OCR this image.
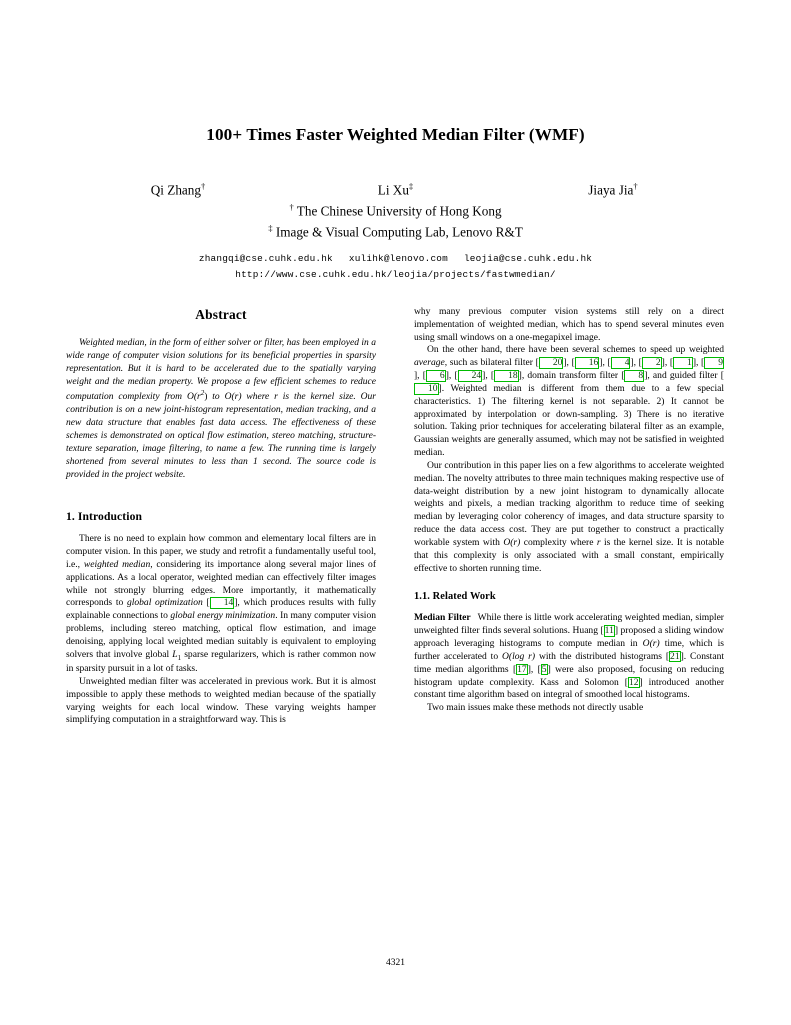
100+ Times Faster Weighted Median Filter (WMF)
Qi Zhang†	Li Xu‡	Jiaya Jia†
† The Chinese University of Hong Kong
‡ Image & Visual Computing Lab, Lenovo R&T
zhangqi@cse.cuhk.edu.hk xulihk@lenovo.com leojia@cse.cuhk.edu.hk
http://www.cse.cuhk.edu.hk/leojia/projects/fastwmedian/
Abstract

Weighted median, in the form of either solver or filter, has been employed in a wide range of computer vision solutions for its beneficial properties in sparsity representation. But it is hard to be accelerated due to the spatially varying weight and the median property. We propose a few efficient schemes to reduce computation complexity from $O(r^2)$ to O(r) where r is the kernel size. Our contribution is on a new joint-histogram representation, median tracking, and a new data structure that enables fast data access. The effectiveness of these schemes is demonstrated on optical flow estimation, stereo matching, structure-texture separation, image filtering, to name a few. The running time is largely shortened from several minutes to less than 1 second. The source code is provided in the project website.

1. Introduction

There is no need to explain how common and elementary local filters are in computer vision. In this paper, we study and retrofit a fundamentally useful tool, i.e., weighted median, considering its importance along several major lines of applications. As a local operator, weighted median can effectively filter images while not strongly blurring edges. More importantly, it mathematically corresponds to global optimization [ 14], which produces results with fully explainable connections to global energy minimization. In many computer vision problems, including stereo matching, optical flow estimation, and image denoising, applying local weighted median suitably is equivalent to employing solvers that involve global $L_1$ sparse regularizers, which is rather common now in sparsity pursuit in a lot of tasks.

Unweighted median filter was accelerated in previous work. But it is almost impossible to apply these methods to weighted median because of the spatially varying weights for each local window. These varying weights hamper simplifying computation in a straightforward way. This is

why many previous computer vision systems still rely on a direct implementation of weighted median, which has to spend several minutes even using small windows on a one-megapixel image.

On the other hand, there have been several schemes to speed up weighted average, such as bilateral filter [ 20], [ 16], [ 4], [ 2], [ 1], [ 9], [ 6], [ 24], [ 18], domain transform filter [ 8], and guided filter [10]. Weighted median is different from them due to a few special characteristics. 1) The filtering kernel is not separable. 2) It cannot be approximated by interpolation or down-sampling. 3) There is no iterative solution. Taking prior techniques for accelerating bilateral filter as an example, Gaussian weights are generally assumed, which may not be satisfied in weighted median.

Our contribution in this paper lies on a few algorithms to accelerate weighted median. The novelty attributes to three main techniques making respective use of data-weight distribution by a new joint histogram to dynamically allocate weights and pixels, a median tracking algorithm to reduce time of seeking median by leveraging color coherency of images, and data structure sparsity to reduce the data access cost. They are put together to construct a practically workable system with O(r) complexity where r is the kernel size. It is notable that this complexity is only associated with a small constant, empirically effective to shorten running time.

1.1. Related Work

Median Filter While there is little work accelerating weighted median, simpler unweighted filter finds several solutions. Huang [11] proposed a sliding window approach leveraging histograms to compute median in O(r) time, which is further accelerated to O(log r) with the distributed histograms [21]. Constant time median algorithms [17], [5] were also proposed, focusing on reducing histogram update complexity. Kass and Solomon [12] introduced another constant time algorithm based on integral of smoothed local histograms.

Two main issues make these methods not directly usable

4321
